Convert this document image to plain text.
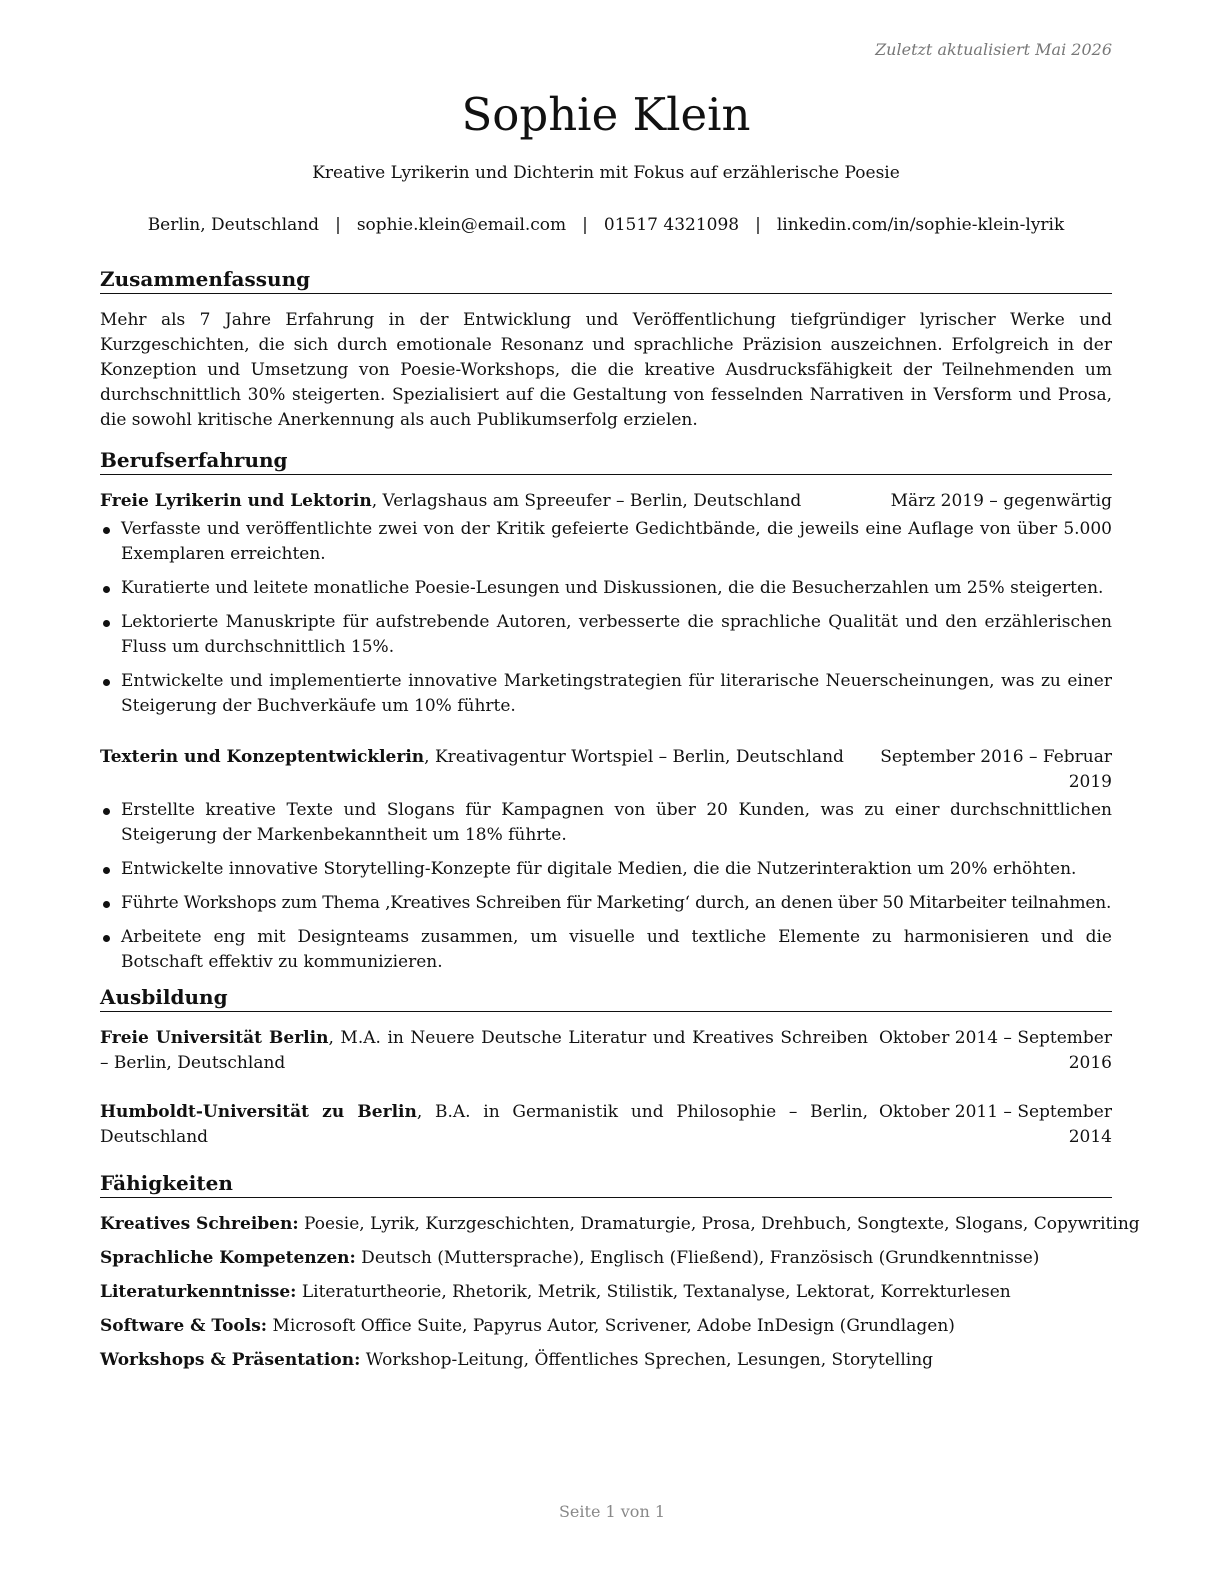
Zuletzt aktualisiert Mai 2026
Sophie Klein
Kreative Lyrikerin und Dichterin mit Fokus auf erzählerische Poesie
Berlin, Deutschland | sophie.klein@email.com | 01517 4321098 | linkedin.com/in/sophie-klein-lyrik
Zusammenfassung

Mehr als 7 Jahre Erfahrung in der Entwicklung und Veröffentlichung tiefgründiger lyrischer Werke und Kurzgeschichten, die sich durch emotionale Resonanz und sprachliche Präzision auszeichnen. Erfolgreich in der Konzeption und Umsetzung von Poesie-Workshops, die die kreative Ausdrucksfähigkeit der Teilnehmenden um durchschnittlich 30% steigerten. Spezialisiert auf die Gestaltung von fesselnden Narrativen in Versform und Prosa, die sowohl kritische Anerkennung als auch Publikumserfolg erzielen.

Berufserfahrung
Freie Lyrikerin und Lektorin, Verlagshaus am Spreeufer – Berlin, Deutschland	März 2019 – gegenwärtig
Verfasste und veröffentlichte zwei von der Kritik gefeierte Gedichtbände, die jeweils eine Auflage von über 5.000 Exemplaren erreichten.
Kuratierte und leitete monatliche Poesie-Lesungen und Diskussionen, die die Besucherzahlen um 25% steigerten.
Lektorierte Manuskripte für aufstrebende Autoren, verbesserte die sprachliche Qualität und den erzählerischen Fluss um durchschnittlich 15%.
Entwickelte und implementierte innovative Marketingstrategien für literarische Neuerscheinungen, was zu einer Steigerung der Buchverkäufe um 10% führte.
Texterin und Konzeptentwicklerin, Kreativagentur Wortspiel – Berlin, Deutschland	September 2016 – Februar 2019
Erstellte kreative Texte und Slogans für Kampagnen von über 20 Kunden, was zu einer durchschnittlichen Steigerung der Markenbekanntheit um 18% führte.
Entwickelte innovative Storytelling-Konzepte für digitale Medien, die die Nutzerinteraktion um 20% erhöhten.
Führte Workshops zum Thema ‚Kreatives Schreiben für Marketing‘ durch, an denen über 50 Mitarbeiter teilnahmen.
Arbeitete eng mit Designteams zusammen, um visuelle und textliche Elemente zu harmonisieren und die Botschaft effektiv zu kommunizieren.
Ausbildung
Freie Universität Berlin, M.A. in Neuere Deutsche Literatur und Kreatives Schreiben – Berlin, Deutschland
Oktober 2014 – September 2016
Humboldt-Universität zu Berlin, B.A. in Germanistik und Philosophie – Berlin, Deutschland
Oktober 2011 – September 2014
Fähigkeiten
Kreatives Schreiben: Poesie, Lyrik, Kurzgeschichten, Dramaturgie, Prosa, Drehbuch, Songtexte, Slogans, Copywriting
Sprachliche Kompetenzen: Deutsch (Muttersprache), Englisch (Fließend), Französisch (Grundkenntnisse)
Literaturkenntnisse: Literaturtheorie, Rhetorik, Metrik, Stilistik, Textanalyse, Lektorat, Korrekturlesen
Software & Tools: Microsoft Office Suite, Papyrus Autor, Scrivener, Adobe InDesign (Grundlagen)
Workshops & Präsentation: Workshop-Leitung, Öffentliches Sprechen, Lesungen, Storytelling
Seite 1 von 1
